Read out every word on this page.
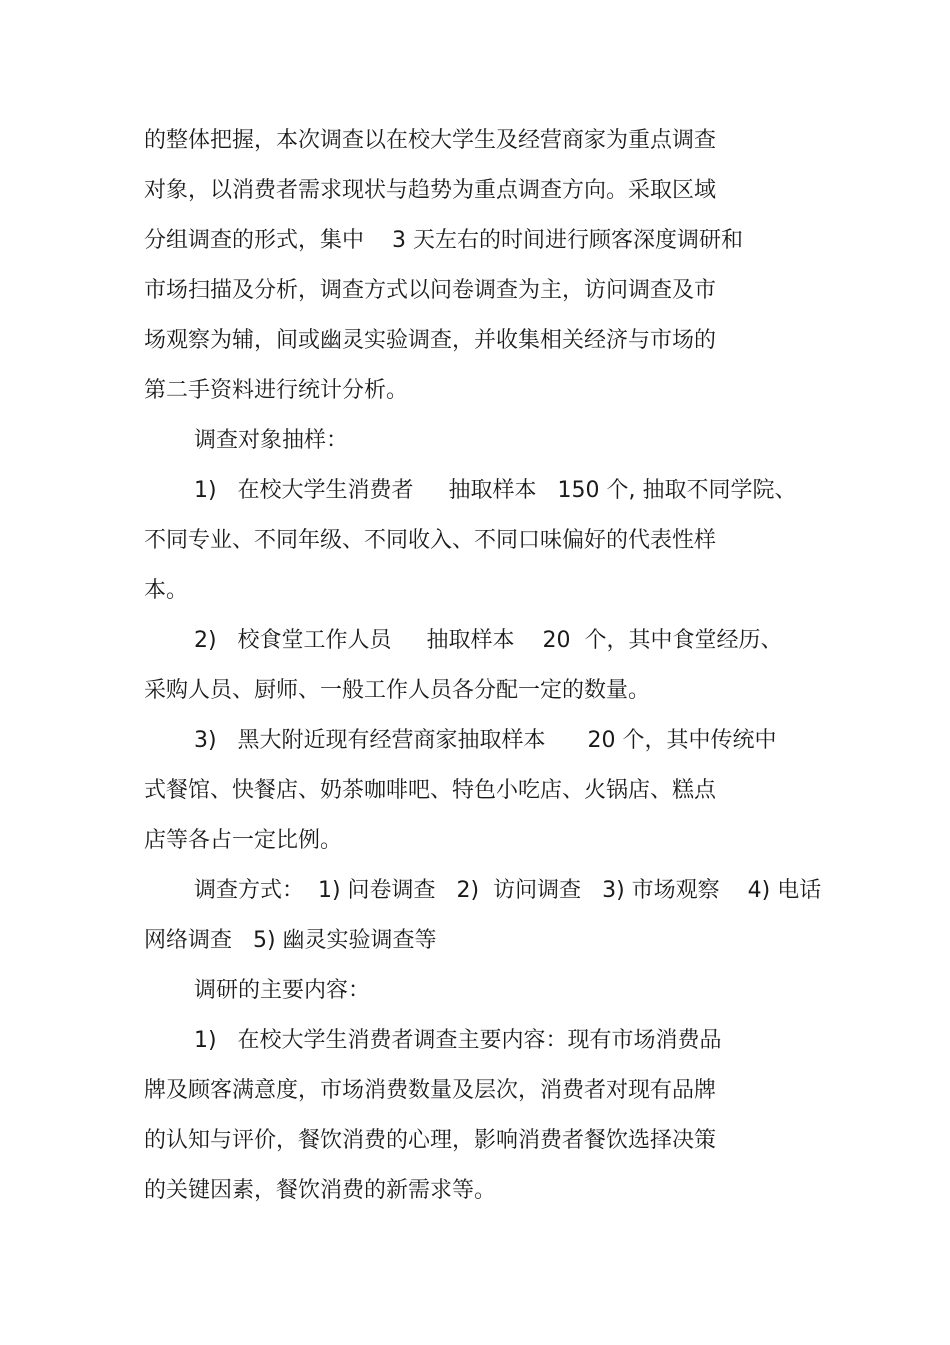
的整体把握，本次调查以在校大学生及经营商家为重点调查

对象，以消费者需求现状与趋势为重点调查方向。采取区域

分组调查的形式，集中    3 天左右的时间进行顾客深度调研和

市场扫描及分析，调查方式以问卷调查为主，访问调查及市

场观察为辅，间或幽灵实验调查，并收集相关经济与市场的

第二手资料进行统计分析。

调查对象抽样：

1)   在校大学生消费者     抽取样本   150 个, 抽取不同学院、

不同专业、不同年级、不同收入、不同口味偏好的代表性样

本。

2)   校食堂工作人员     抽取样本    20  个，其中食堂经历、

采购人员、厨师、一般工作人员各分配一定的数量。

3)   黑大附近现有经营商家抽取样本      20 个，其中传统中

式餐馆、快餐店、奶茶咖啡吧、特色小吃店、火锅店、糕点

店等各占一定比例。

调查方式：  1) 问卷调查   2)  访问调查   3) 市场观察    4) 电话

网络调查   5) 幽灵实验调查等

调研的主要内容：

1)   在校大学生消费者调查主要内容：现有市场消费品

牌及顾客满意度，市场消费数量及层次，消费者对现有品牌

的认知与评价，餐饮消费的心理，影响消费者餐饮选择决策

的关键因素，餐饮消费的新需求等。
